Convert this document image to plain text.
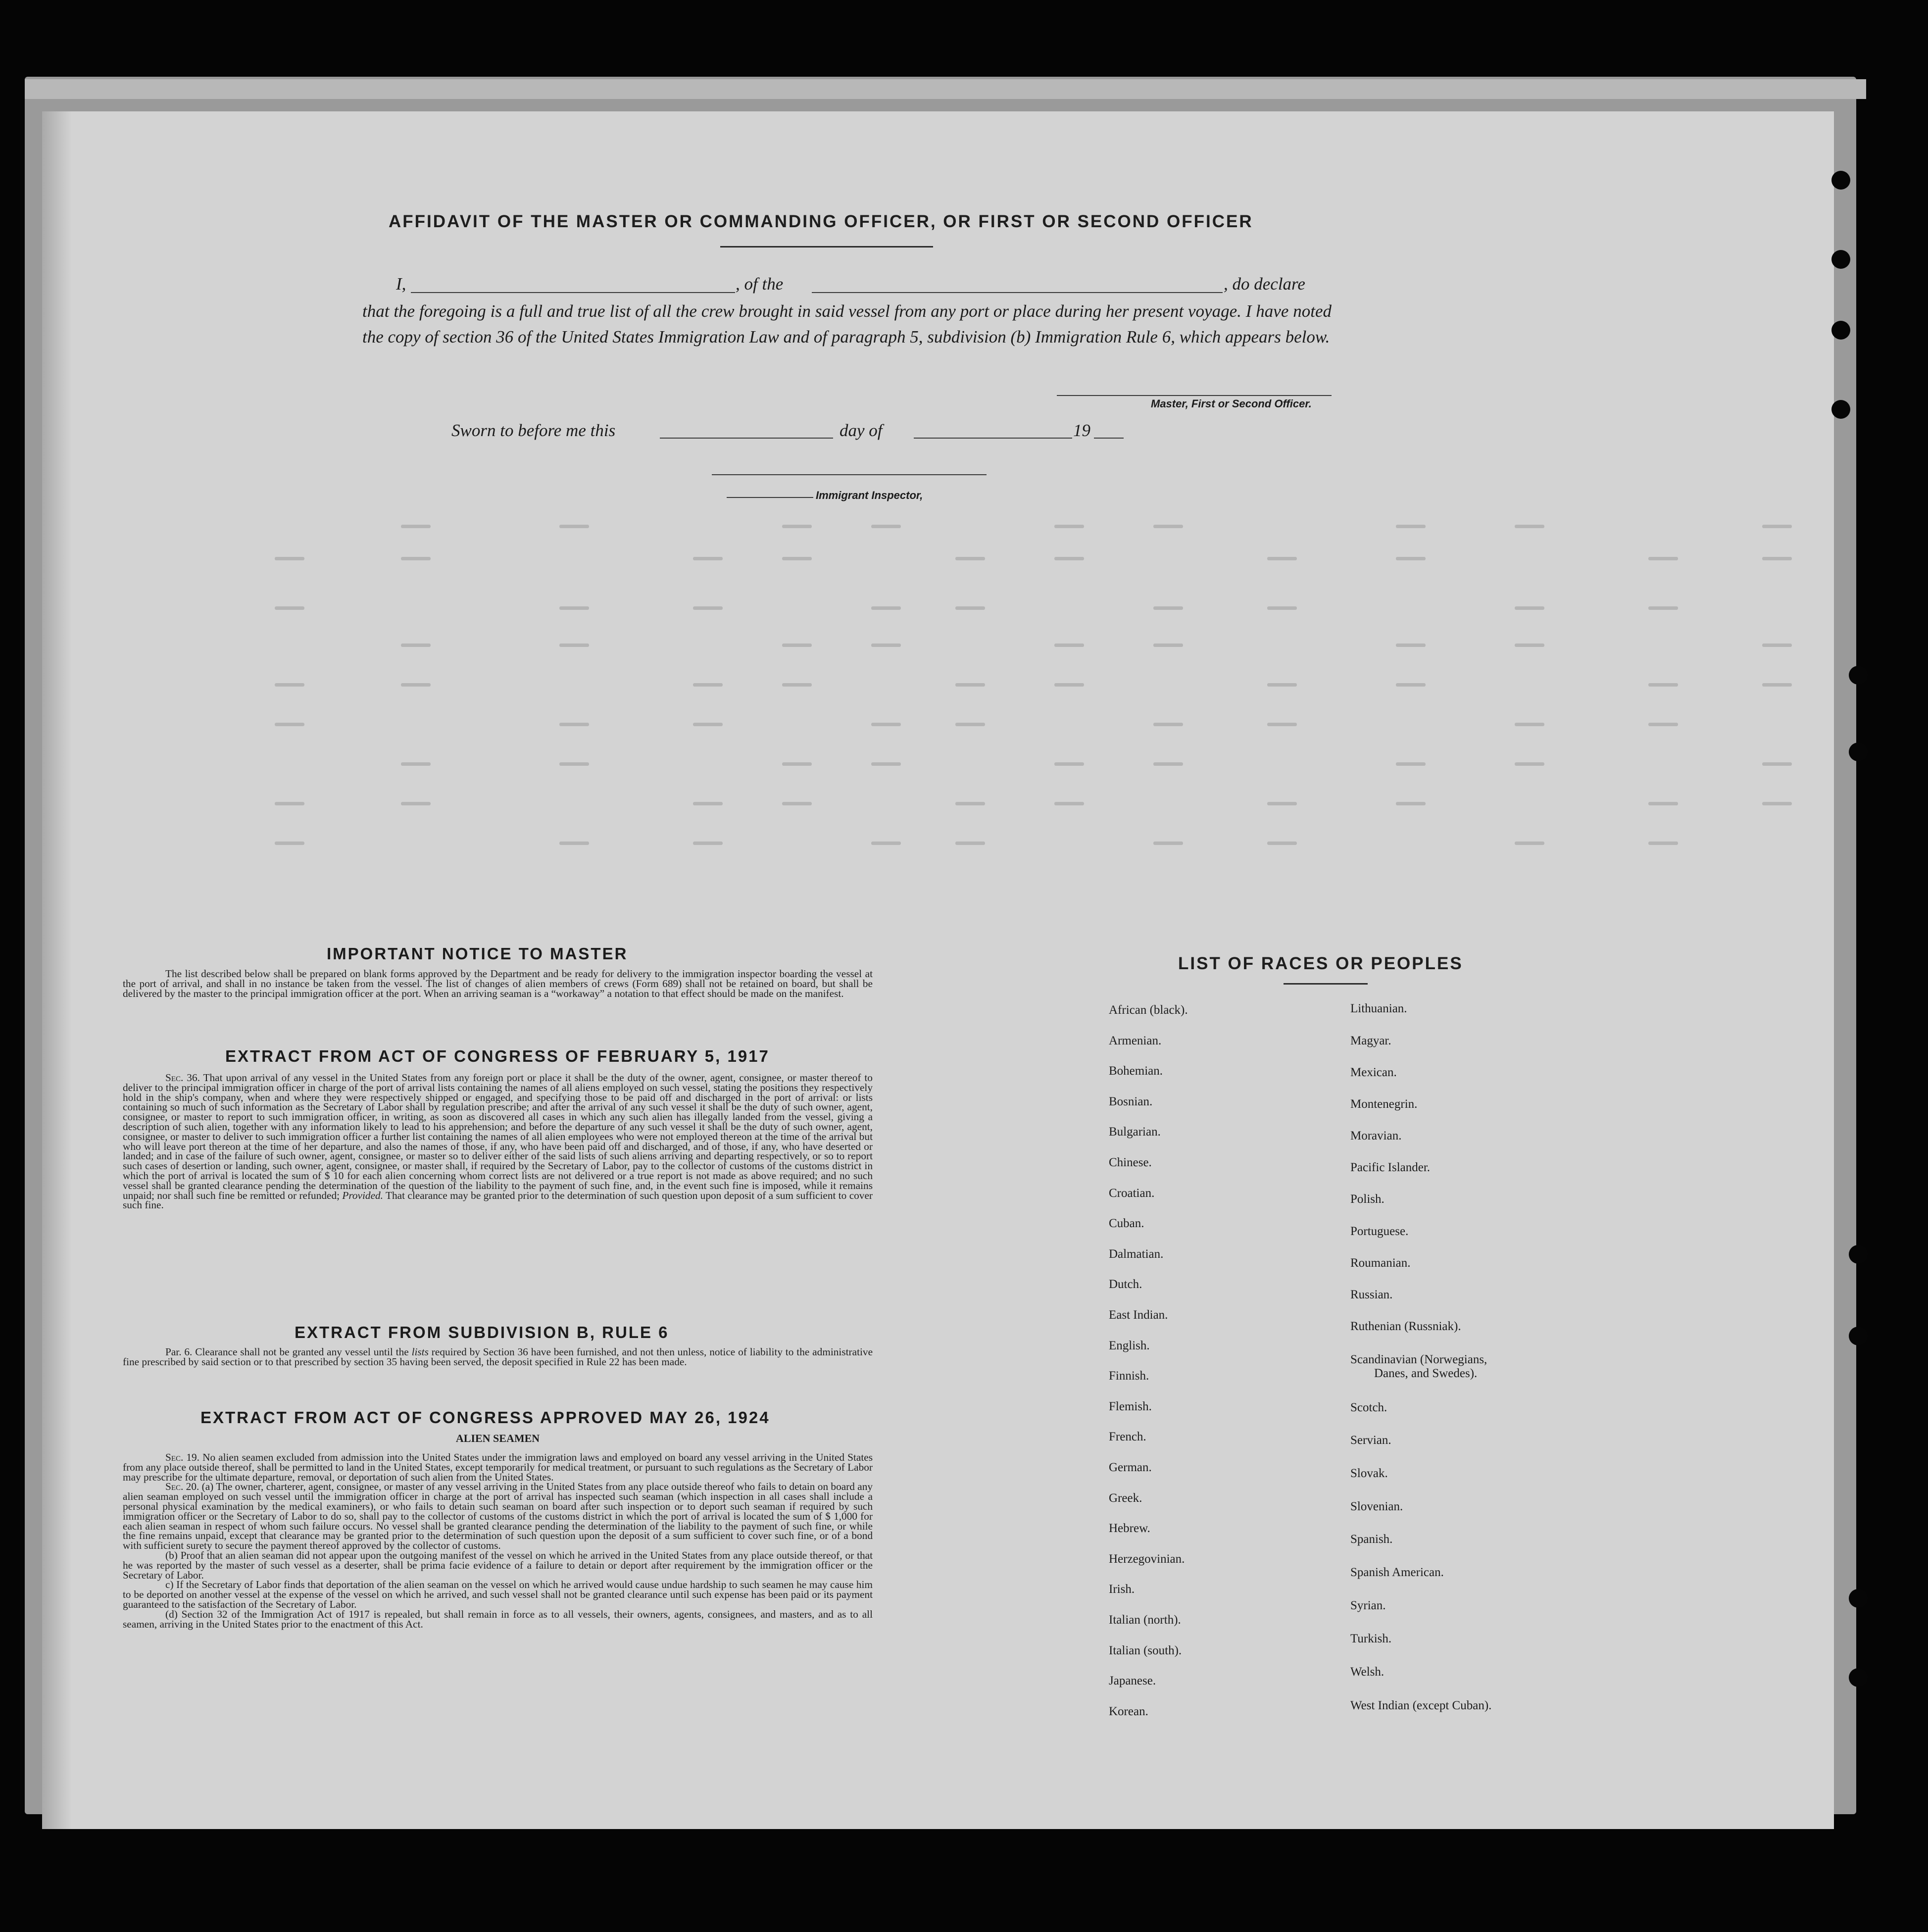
AFFIDAVIT OF THE MASTER OR COMMANDING OFFICER, OR FIRST OR SECOND OFFICER
I,	, of the	, do declare
that the foregoing is a full and true list of all the crew brought in said vessel from any port or place during her present voyage. I have noted the copy of section 36 of the United States Immigration Law and of paragraph 5, subdivision (b) Immigration Rule 6, which appears below.
Master, First or Second Officer.
Sworn to before me this	day of	19
Immigrant Inspector,
IMPORTANT NOTICE TO MASTER

The list described below shall be prepared on blank forms approved by the Department and be ready for delivery to the immigration inspector boarding the vessel at the port of arrival, and shall in no instance be taken from the vessel. The list of changes of alien members of crews (Form 689) shall not be retained on board, but shall be delivered by the master to the principal immigration officer at the port. When an arriving seaman is a “workaway” a notation to that effect should be made on the manifest.

EXTRACT FROM ACT OF CONGRESS OF FEBRUARY 5, 1917

Sec. 36. That upon arrival of any vessel in the United States from any foreign port or place it shall be the duty of the owner, agent, consignee, or master thereof to deliver to the principal immigration officer in charge of the port of arrival lists containing the names of all aliens employed on such vessel, stating the positions they respectively hold in the ship's company, when and where they were respectively shipped or engaged, and specifying those to be paid off and discharged in the port of arrival: or lists containing so much of such information as the Secretary of Labor shall by regulation prescribe; and after the arrival of any such vessel it shall be the duty of such owner, agent, consignee, or master to report to such immigration officer, in writing, as soon as discovered all cases in which any such alien has illegally landed from the vessel, giving a description of such alien, together with any information likely to lead to his apprehension; and before the departure of any such vessel it shall be the duty of such owner, agent, consignee, or master to deliver to such immigration officer a further list containing the names of all alien employees who were not employed thereon at the time of the arrival but who will leave port thereon at the time of her departure, and also the names of those, if any, who have been paid off and discharged, and of those, if any, who have deserted or landed; and in case of the failure of such owner, agent, consignee, or master so to deliver either of the said lists of such aliens arriving and departing respectively, or so to report such cases of desertion or landing, such owner, agent, consignee, or master shall, if required by the Secretary of Labor, pay to the collector of customs of the customs district in which the port of arrival is located the sum of $ 10 for each alien concerning whom correct lists are not delivered or a true report is not made as above required; and no such vessel shall be granted clearance pending the determination of the question of the liability to the payment of such fine, and, in the event such fine is imposed, while it remains unpaid; nor shall such fine be remitted or refunded; Provided. That clearance may be granted prior to the determination of such question upon deposit of a sum sufficient to cover such fine.

EXTRACT FROM SUBDIVISION B, RULE 6

Par. 6. Clearance shall not be granted any vessel until the lists required by Section 36 have been furnished, and not then unless, notice of liability to the administrative fine prescribed by said section or to that prescribed by section 35 having been served, the deposit specified in Rule 22 has been made.

EXTRACT FROM ACT OF CONGRESS APPROVED MAY 26, 1924
ALIEN SEAMEN

Sec. 19. No alien seamen excluded from admission into the United States under the immigration laws and employed on board any vessel arriving in the United States from any place outside thereof, shall be permitted to land in the United States, except temporarily for medical treatment, or pursuant to such regulations as the Secretary of Labor may prescribe for the ultimate departure, removal, or deportation of such alien from the United States.

Sec. 20. (a) The owner, charterer, agent, consignee, or master of any vessel arriving in the United States from any place outside thereof who fails to detain on board any alien seaman employed on such vessel until the immigration officer in charge at the port of arrival has inspected such seaman (which inspection in all cases shall include a personal physical examination by the medical examiners), or who fails to detain such seaman on board after such inspection or to deport such seaman if required by such immigration officer or the Secretary of Labor to do so, shall pay to the collector of customs of the customs district in which the port of arrival is located the sum of $ 1,000 for each alien seaman in respect of whom such failure occurs. No vessel shall be granted clearance pending the determination of the liability to the payment of such fine, or while the fine remains unpaid, except that clearance may be granted prior to the determination of such question upon the deposit of a sum sufficient to cover such fine, or of a bond with sufficient surety to secure the payment thereof approved by the collector of customs.

(b) Proof that an alien seaman did not appear upon the outgoing manifest of the vessel on which he arrived in the United States from any place outside thereof, or that he was reported by the master of such vessel as a deserter, shall be prima facie evidence of a failure to detain or deport after requirement by the immigration officer or the Secretary of Labor.

c) If the Secretary of Labor finds that deportation of the alien seaman on the vessel on which he arrived would cause undue hardship to such seamen he may cause him to be deported on another vessel at the expense of the vessel on which he arrived, and such vessel shall not be granted clearance until such expense has been paid or its payment guaranteed to the satisfaction of the Secretary of Labor.

(d) Section 32 of the Immigration Act of 1917 is repealed, but shall remain in force as to all vessels, their owners, agents, consignees, and masters, and as to all seamen, arriving in the United States prior to the enactment of this Act.

LIST OF RACES OR PEOPLES
African (black).
Armenian.
Bohemian.
Bosnian.
Bulgarian.
Chinese.
Croatian.
Cuban.
Dalmatian.
Dutch.
East Indian.
English.
Finnish.
Flemish.
French.
German.
Greek.
Hebrew.
Herzegovinian.
Irish.
Italian (north).
Italian (south).
Japanese.
Korean.
Lithuanian.
Magyar.
Mexican.
Montenegrin.
Moravian.
Pacific Islander.
Polish.
Portuguese.
Roumanian.
Russian.
Ruthenian (Russniak).
Scandinavian (Norwegians,
Danes, and Swedes).
Scotch.
Servian.
Slovak.
Slovenian.
Spanish.
Spanish American.
Syrian.
Turkish.
Welsh.
West Indian (except Cuban).
